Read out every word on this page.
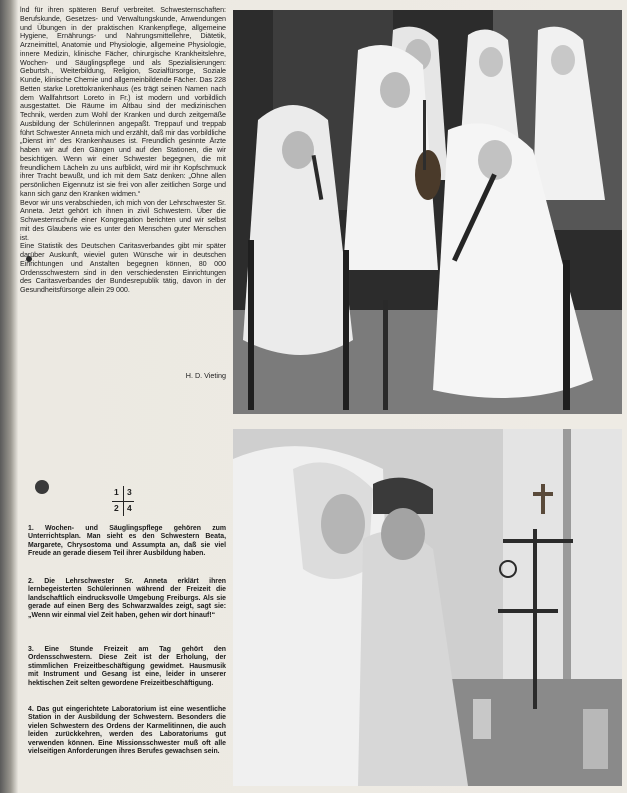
lnd für ihren späteren Beruf verbreitet. Schwesternschaften: Berufskunde, Gesetzes- und Verwaltungskunde, Anwendungen und Übungen in der praktischen Krankenpflege, allgemeine Hygiene, Ernährungs- und Nahrungsmittellehre, Diätetik, Arzneimittel, Anatomie und Physiologie, allgemeine Physiologie, innere Medizin, klinische Fächer, chirurgische Krankheitslehre, Wochen- und Säuglingspflege und als Spezialisierungen: Geburtsh., Weiterbildung, Religion, Sozialfürsorge, Soziale Kunde, klinische Chemie und allgemeinbildende Fächer. Das 228 Betten starke Lorettokrankenhaus (es trägt seinen Namen nach dem Wallfahrtsort Loreto in Fr.) ist modern und vorbildlich ausgestattet. Die Räume im Altbau sind der medizinischen Technik, werden zum Wohl der Kranken und durch zeitgemäße Ausbildung der Schülerinnen angepaßt. Treppauf und treppab führt Schwester Anneta mich und erzählt, daß mir das vorbildliche „Dienst im“ des Krankenhauses ist. Freundlich gesinnte Ärzte haben wir auf den Gängen und auf den Stationen, die wir besichtigen. Wenn wir einer Schwester begegnen, die mit freundlichem Lächeln zu uns aufblickt, wird mir ihr Kopfschmuck ihrer Tracht bewußt, und ich mit dem Satz denken: „Ohne allen persönlichen Eigennutz ist sie frei von aller zeitlichen Sorge und kann sich ganz den Kranken widmen.“

Bevor wir uns verabschieden, ich mich von der Lehrschwester Sr. Anneta. Jetzt gehört ich ihnen in zivil Schwestern. Über die Schwesternschule einer Kongregation berichten und wir selbst mit des Glaubens wie es unter den Menschen guter Menschen ist.

Eine Statistik des Deutschen Caritasverbandes gibt mir später darüber Auskunft, wieviel guten Wünsche wir in deutschen Einrichtungen und Anstalten begegnen können, 80 000 Ordensschwestern sind in den verschiedensten Einrichtungen des Caritasverbandes der Bundesrepublik tätig, davon in der Gesundheitsfürsorge allein 29 000.

H. D. Vieting
1 3
2 4

1. Wochen- und Säuglingspflege gehören zum Unterrichtsplan. Man sieht es den Schwestern Beata, Margarete, Chrysostoma und Assumpta an, daß sie viel Freude an gerade diesem Teil ihrer Ausbildung haben.

2. Die Lehrschwester Sr. Anneta erklärt ihren lernbegeisterten Schülerinnen während der Freizeit die landschaftlich eindrucksvolle Umgebung Freiburgs. Als sie gerade auf einen Berg des Schwarzwaldes zeigt, sagt sie: „Wenn wir einmal viel Zeit haben, gehen wir dort hinauf!“

3. Eine Stunde Freizeit am Tag gehört den Ordensschwestern. Diese Zeit ist der Erholung, der stimmlichen Freizeitbeschäftigung gewidmet. Hausmusik mit Instrument und Gesang ist eine, leider in unserer hektischen Zeit selten gewordene Freizeitbeschäftigung.

4. Das gut eingerichtete Laboratorium ist eine wesentliche Station in der Ausbildung der Schwestern. Besonders die vielen Schwestern des Ordens der Karmelitinnen, die auch leiden zurückkehren, werden des Laboratoriums gut verwenden können. Eine Missionsschwester muß oft alle vielseitigen Anforderungen ihres Berufes gewachsen sein.
